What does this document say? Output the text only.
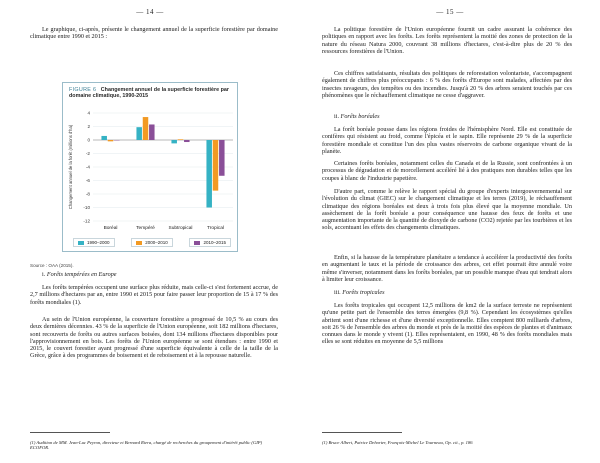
— 14 —

Le graphique, ci-après, présente le changement annuel de la superficie forestière par domaine climatique entre 1990 et 2015 :

Source : OAA (2015).

i. Forêts tempérées en Europe

Les forêts tempérées occupent une surface plus réduite, mais celle-ci s'est fortement accrue, de 2,7 millions d'hectares par an, entre 1990 et 2015 pour faire passer leur proportion de 15 à 17 % des forêts mondiales (1).

Au sein de l'Union européenne, la couverture forestière a progressé de 10,5 % au cours des deux dernières décennies. 43 % de la superficie de l'Union européenne, soit 182 millions d'hectares, sont recouverts de forêts ou autres surfaces boisées, dont 134 millions d'hectares disponibles pour l'approvisionnement en bois. Les forêts de l'Union européenne se sont étendues : entre 1990 et 2015, le couvert forestier ayant progressé d'une superficie équivalente à celle de la taille de la Grèce, grâce à des programmes de boisement et de reboisement et à la repousse naturelle.

(1) Audition de MM. Jean-Luc Peyron, directeur et Bernard Riera, chargé de recherches du groupement d'intérêt public (GIP) ECOFOR.

FIGURE 6 Changement annuel de la superficie forestière par domaine climatique, 1990-2015
4
2
0
-2
-4
-6
-8
-10
-12
Changement annuel de la forêt (millions d'ha)
Boréal	Tempéré	Subtropical	Tropical
1990–2000	2000–2010	2010–2015
— 15 —

La politique forestière de l'Union européenne fournit un cadre assurant la cohérence des politiques en rapport avec les forêts. Les forêts représentent la moitié des zones de protection de la nature du réseau Natura 2000, couvrant 38 millions d'hectares, c'est-à-dire plus de 20 % des ressources forestières de l'Union.

Ces chiffres satisfaisants, résultats des politiques de reforestation volontariste, s'accompagnent également de chiffres plus préoccupants : 6 % des forêts d'Europe sont malades, affectées par des insectes ravageurs, des tempêtes ou des incendies. Jusqu'à 20 % des arbres seraient touchés par ces phénomènes que le réchauffement climatique ne cesse d'aggraver.

ii. Forêts boréales

La forêt boréale pousse dans les régions froides de l'hémisphère Nord. Elle est constituée de conifères qui résistent au froid, comme l'épicéa et le sapin. Elle représente 29 % de la superficie forestière mondiale et constitue l'un des plus vastes réservoirs de carbone organique vivant de la planète.

Certaines forêts boréales, notamment celles du Canada et de la Russie, sont confrontées à un processus de dégradation et de morcellement accéléré lié à des pratiques non durables telles que les coupes à blanc de l'industrie papetière.

D'autre part, comme le relève le rapport spécial du groupe d'experts intergouvernemental sur l'évolution du climat (GIEC) sur le changement climatique et les terres (2019), le réchauffement climatique des régions boréales est deux à trois fois plus élevé que la moyenne mondiale. Un assèchement de la forêt boréale a pour conséquence une hausse des feux de forêts et une augmentation importante de la quantité de dioxyde de carbone (CO2) rejetée par les tourbières et les sols, accentuant les effets des changements climatiques.

Enfin, si la hausse de la température planétaire a tendance à accélérer la productivité des forêts en augmentant le taux et la période de croissance des arbres, cet effet pourrait être annulé voire même s'inverser, notamment dans les forêts boréales, par un possible manque d'eau qui tendrait alors à limiter leur croissance.

iii. Forêts tropicales

Les forêts tropicales qui occupent 12,5 millions de km2 de la surface terreste ne représentent qu'une petite part de l'ensemble des terres émergées (9,8 %). Cependant les écosystèmes qu'elles abritent sont d'une richesse et d'une diversité exceptionnelle. Elles comptent 800 milliards d'arbres, soit 26 % de l'ensemble des arbres du monde et près de la moitié des espèces de plantes et d'animaux connues dans le monde y vivent (1). Elles représentaient, en 1990, 48 % des forêts mondiales mais elles se sont réduites en moyenne de 5,5 millions

(1) Bruce Albert, Patrice Dehorter, François-Michel Le Tourneau, Op. cit., p. 186
